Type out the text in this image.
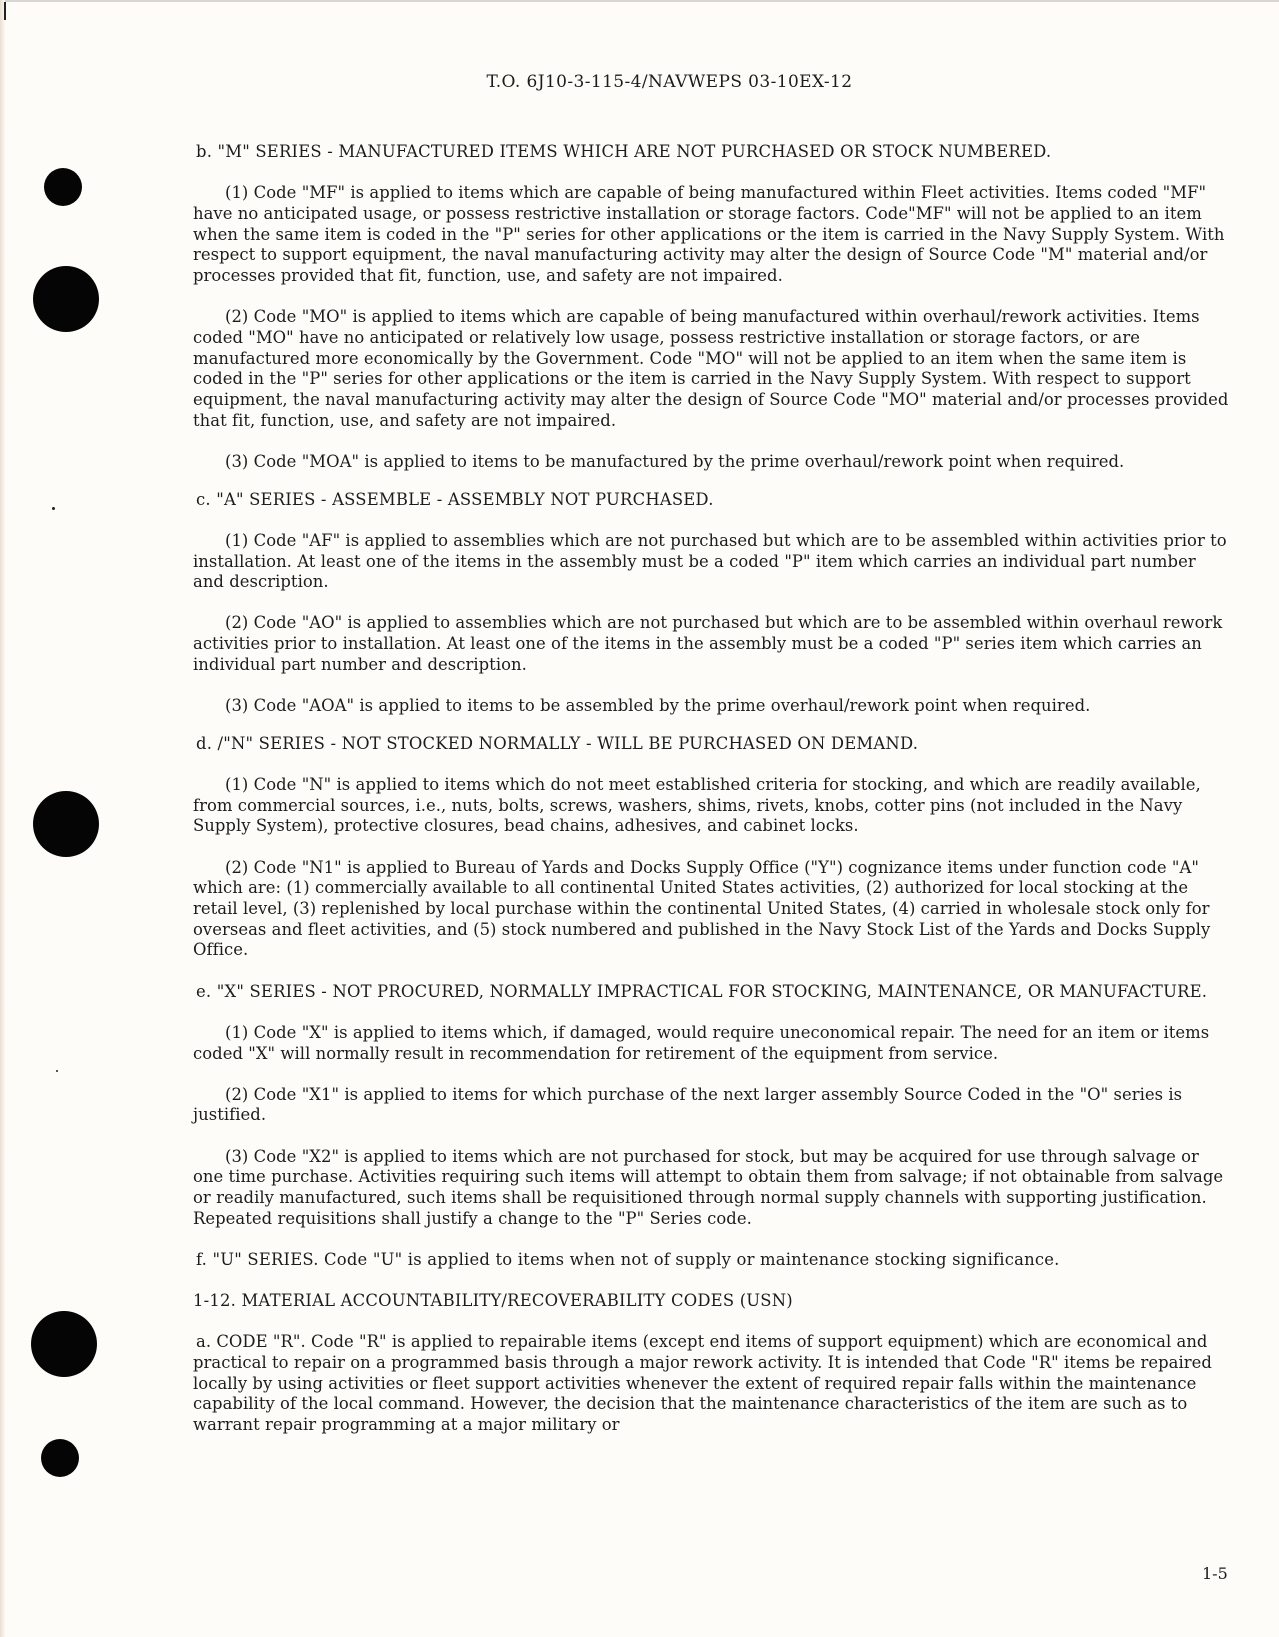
T.O. 6J10-3-115-4/NAVWEPS 03-10EX-12
b. "M" SERIES - MANUFACTURED ITEMS WHICH ARE NOT PURCHASED OR STOCK NUMBERED.

(1) Code "MF" is applied to items which are capable of being manufactured within Fleet activities. Items coded "MF" have no anticipated usage, or possess restrictive installation or storage factors. Code"MF" will not be applied to an item when the same item is coded in the "P" series for other applications or the item is carried in the Navy Supply System. With respect to support equipment, the naval manufacturing activity may alter the design of Source Code "M" material and/or processes provided that fit, function, use, and safety are not impaired.

(2) Code "MO" is applied to items which are capable of being manufactured within overhaul/rework activities. Items coded "MO" have no anticipated or relatively low usage, possess restrictive installation or storage factors, or are manufactured more economically by the Government. Code "MO" will not be applied to an item when the same item is coded in the "P" series for other applications or the item is carried in the Navy Supply System. With respect to support equipment, the naval manufacturing activity may alter the design of Source Code "MO" material and/or processes provided that fit, function, use, and safety are not impaired.

(3) Code "MOA" is applied to items to be manufactured by the prime overhaul/rework point when required.

c. "A" SERIES - ASSEMBLE - ASSEMBLY NOT PURCHASED.

(1) Code "AF" is applied to assemblies which are not purchased but which are to be assembled within activities prior to installation. At least one of the items in the assembly must be a coded "P" item which carries an individual part number and description.

(2) Code "AO" is applied to assemblies which are not purchased but which are to be assembled within overhaul rework activities prior to installation. At least one of the items in the assembly must be a coded "P" series item which carries an individual part number and description.

(3) Code "AOA" is applied to items to be assembled by the prime overhaul/rework point when required.

d. /"N" SERIES - NOT STOCKED NORMALLY - WILL BE PURCHASED ON DEMAND.

(1) Code "N" is applied to items which do not meet established criteria for stocking, and which are readily available, from commercial sources, i.e., nuts, bolts, screws, washers, shims, rivets, knobs, cotter pins (not included in the Navy Supply System), protective closures, bead chains, adhesives, and cabinet locks.

(2) Code "N1" is applied to Bureau of Yards and Docks Supply Office ("Y") cognizance items under function code "A" which are: (1) commercially available to all continental United States activities, (2) authorized for local stocking at the retail level, (3) replenished by local purchase within the continental United States, (4) carried in wholesale stock only for overseas and fleet activities, and (5) stock numbered and published in the Navy Stock List of the Yards and Docks Supply Office.

e. "X" SERIES - NOT PROCURED, NORMALLY IMPRACTICAL FOR STOCKING, MAINTENANCE, OR MANUFACTURE.

(1) Code "X" is applied to items which, if damaged, would require uneconomical repair. The need for an item or items coded "X" will normally result in recommendation for retirement of the equipment from service.

(2) Code "X1" is applied to items for which purchase of the next larger assembly Source Coded in the "O" series is justified.

(3) Code "X2" is applied to items which are not purchased for stock, but may be acquired for use through salvage or one time purchase. Activities requiring such items will attempt to obtain them from salvage; if not obtainable from salvage or readily manufactured, such items shall be requisitioned through normal supply channels with supporting justification. Repeated requisitions shall justify a change to the "P" Series code.

f. "U" SERIES. Code "U" is applied to items when not of supply or maintenance stocking significance.
1-12. MATERIAL ACCOUNTABILITY/RECOVERABILITY CODES (USN)

a. CODE "R". Code "R" is applied to repairable items (except end items of support equipment) which are economical and practical to repair on a programmed basis through a major rework activity. It is intended that Code "R" items be repaired locally by using activities or fleet support activities whenever the extent of required repair falls within the maintenance capability of the local command. However, the decision that the maintenance characteristics of the item are such as to warrant repair programming at a major military or

1-5
